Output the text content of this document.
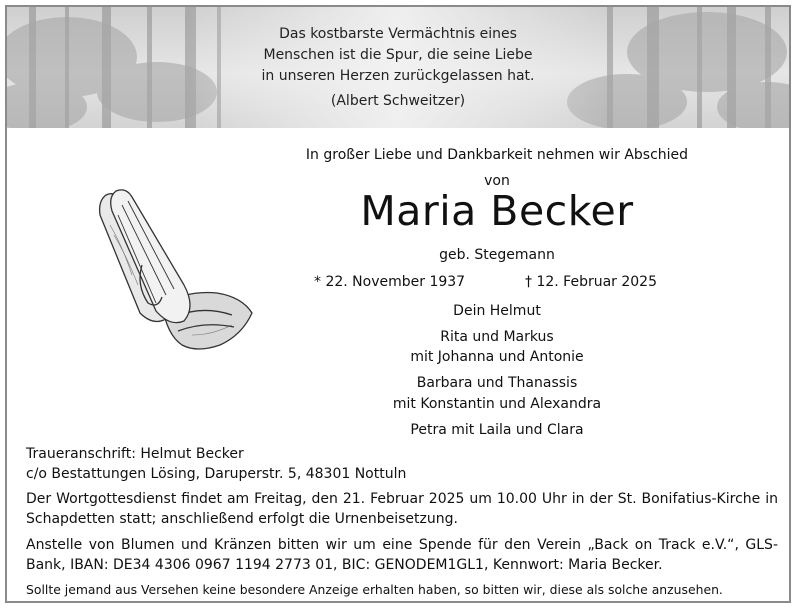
Das kostbarste Vermächtnis eines
Menschen ist die Spur, die seine Liebe
in unseren Herzen zurückgelassen hat.
(Albert Schweitzer)
In großer Liebe und Dankbarkeit nehmen wir Abschied
von
Maria Becker
geb. Stegemann
* 22. November 1937	† 12. Februar 2025
Dein Helmut
Rita und Markus
mit Johanna und Antonie
Barbara und Thanassis
mit Konstantin und Alexandra
Petra mit Laila und Clara
Traueranschrift: Helmut Becker
c/o Bestattungen Lösing, Daruperstr. 5, 48301 Nottuln
Der Wortgottesdienst findet am Freitag, den 21. Februar 2025 um 10.00 Uhr in der St. Bonifatius-Kirche in Schapdetten statt; anschließend erfolgt die Urnenbeisetzung.
Anstelle von Blumen und Kränzen bitten wir um eine Spende für den Verein „Back on Track e.V.“, GLS-Bank, IBAN: DE34 4306 0967 1194 2773 01, BIC: GENODEM1GL1, Kennwort: Maria Becker.
Sollte jemand aus Versehen keine besondere Anzeige erhalten haben, so bitten wir, diese als solche anzusehen.
